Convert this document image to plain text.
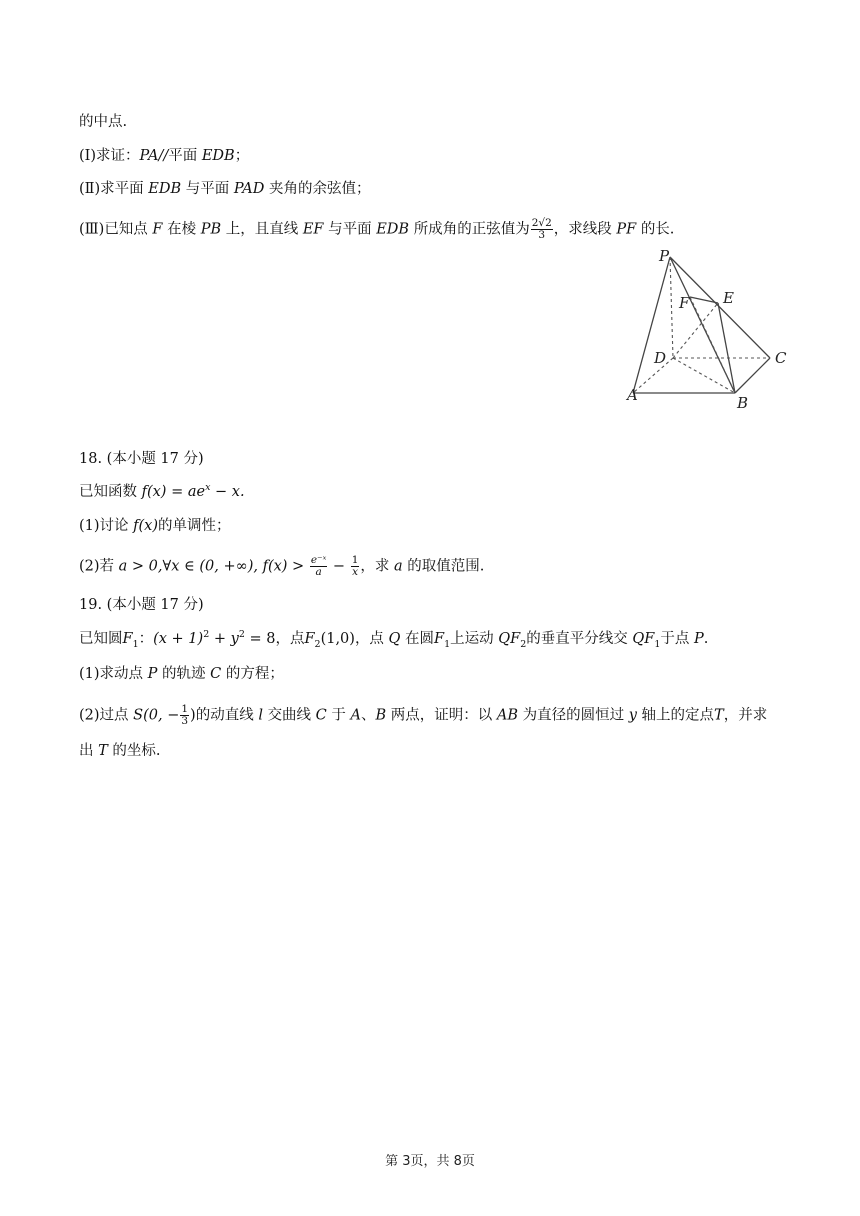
的中点.
(Ⅰ)求证：PA//平面 EDB；
(Ⅱ)求平面 EDB 与平面 PAD 夹角的余弦值；
(Ⅲ)已知点 F 在棱 PB 上，且直线 EF 与平面 EDB 所成角的正弦值为 $\frac{2√2}{3}$ ，求线段 PF 的长.
P
F E
D	C
A	B
18. (本小题 17 分)
已知函数 $f(x) = ae^x - x$.
(1)讨论 f(x)的单调性；
(2)若 a > 0,∀x ∈ (0, +∞), $f(x) > \frac{\text{e⁻ˣ}}{a} - \frac{1}{x}$ ，求 a 的取值范围.
19. (本小题 17 分)
已知圆$F_1$：$(x + 1)^2 + y^2 = 8$，点$F_2(1,0)$，点 Q 在圆$F_1$上运动 $QF_2$的垂直平分线交 $QF_1$于点 P.
(1)求动点 P 的轨迹 C 的方程；
(2)过点 S(0, − $\frac{1}{3}$ )的动直线 l 交曲线 C 于 A、B 两点，证明：以 AB 为直径的圆恒过 y 轴上的定点T，并求
出 T 的坐标.
第 3页，共 8页
